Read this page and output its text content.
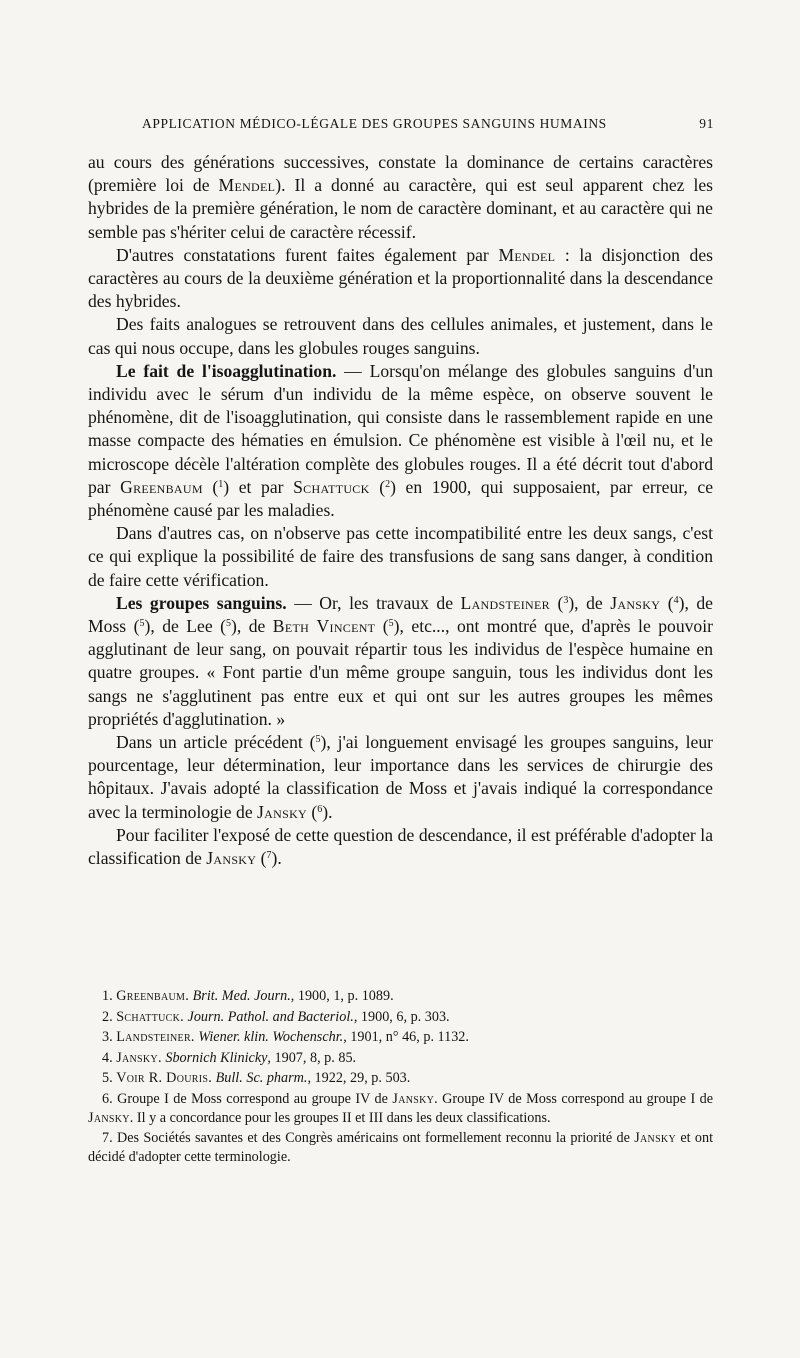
APPLICATION MÉDICO-LÉGALE DES GROUPES SANGUINS HUMAINS	91

au cours des générations successives, constate la dominance de certains caractères (première loi de Mendel). Il a donné au caractère, qui est seul apparent chez les hybrides de la première génération, le nom de caractère dominant, et au caractère qui ne semble pas s'hériter celui de caractère récessif.

D'autres constatations furent faites également par Mendel : la disjonction des caractères au cours de la deuxième génération et la proportionnalité dans la descendance des hybrides.

Des faits analogues se retrouvent dans des cellules animales, et justement, dans le cas qui nous occupe, dans les globules rouges sanguins.

Le fait de l'isoagglutination. — Lorsqu'on mélange des globules sanguins d'un individu avec le sérum d'un individu de la même espèce, on observe souvent le phénomène, dit de l'isoagglutination, qui consiste dans le rassemblement rapide en une masse compacte des hématies en émulsion. Ce phénomène est visible à l'œil nu, et le microscope décèle l'altération complète des globules rouges. Il a été décrit tout d'abord par Greenbaum ($^1$) et par Schattuck ($^2$) en 1900, qui supposaient, par erreur, ce phénomène causé par les maladies.

Dans d'autres cas, on n'observe pas cette incompatibilité entre les deux sangs, c'est ce qui explique la possibilité de faire des transfusions de sang sans danger, à condition de faire cette vérification.

Les groupes sanguins. — Or, les travaux de Landsteiner ($^3$), de Jansky ($^4$), de Moss ($^5$), de Lee ($^5$), de Beth Vincent ($^5$), etc..., ont montré que, d'après le pouvoir agglutinant de leur sang, on pouvait répartir tous les individus de l'espèce humaine en quatre groupes. « Font partie d'un même groupe sanguin, tous les individus dont les sangs ne s'agglutinent pas entre eux et qui ont sur les autres groupes les mêmes propriétés d'agglutination. »

Dans un article précédent ($^5$), j'ai longuement envisagé les groupes sanguins, leur pourcentage, leur détermination, leur importance dans les services de chirurgie des hôpitaux. J'avais adopté la classification de Moss et j'avais indiqué la correspondance avec la terminologie de Jansky ($^6$).

Pour faciliter l'exposé de cette question de descendance, il est préférable d'adopter la classification de Jansky ($^7$).

1. Greenbaum. Brit. Med. Journ., 1900, 1, p. 1089.
2. Schattuck. Journ. Pathol. and Bacteriol., 1900, 6, p. 303.
3. Landsteiner. Wiener. klin. Wochenschr., 1901, n° 46, p. 1132.
4. Jansky. Sbornich Klinicky, 1907, 8, p. 85.
5. Voir R. Douris. Bull. Sc. pharm., 1922, 29, p. 503.
6. Groupe I de Moss correspond au groupe IV de Jansky. Groupe IV de Moss correspond au groupe I de Jansky. Il y a concordance pour les groupes II et III dans les deux classifications.
7. Des Sociétés savantes et des Congrès américains ont formellement reconnu la priorité de Jansky et ont décidé d'adopter cette terminologie.
